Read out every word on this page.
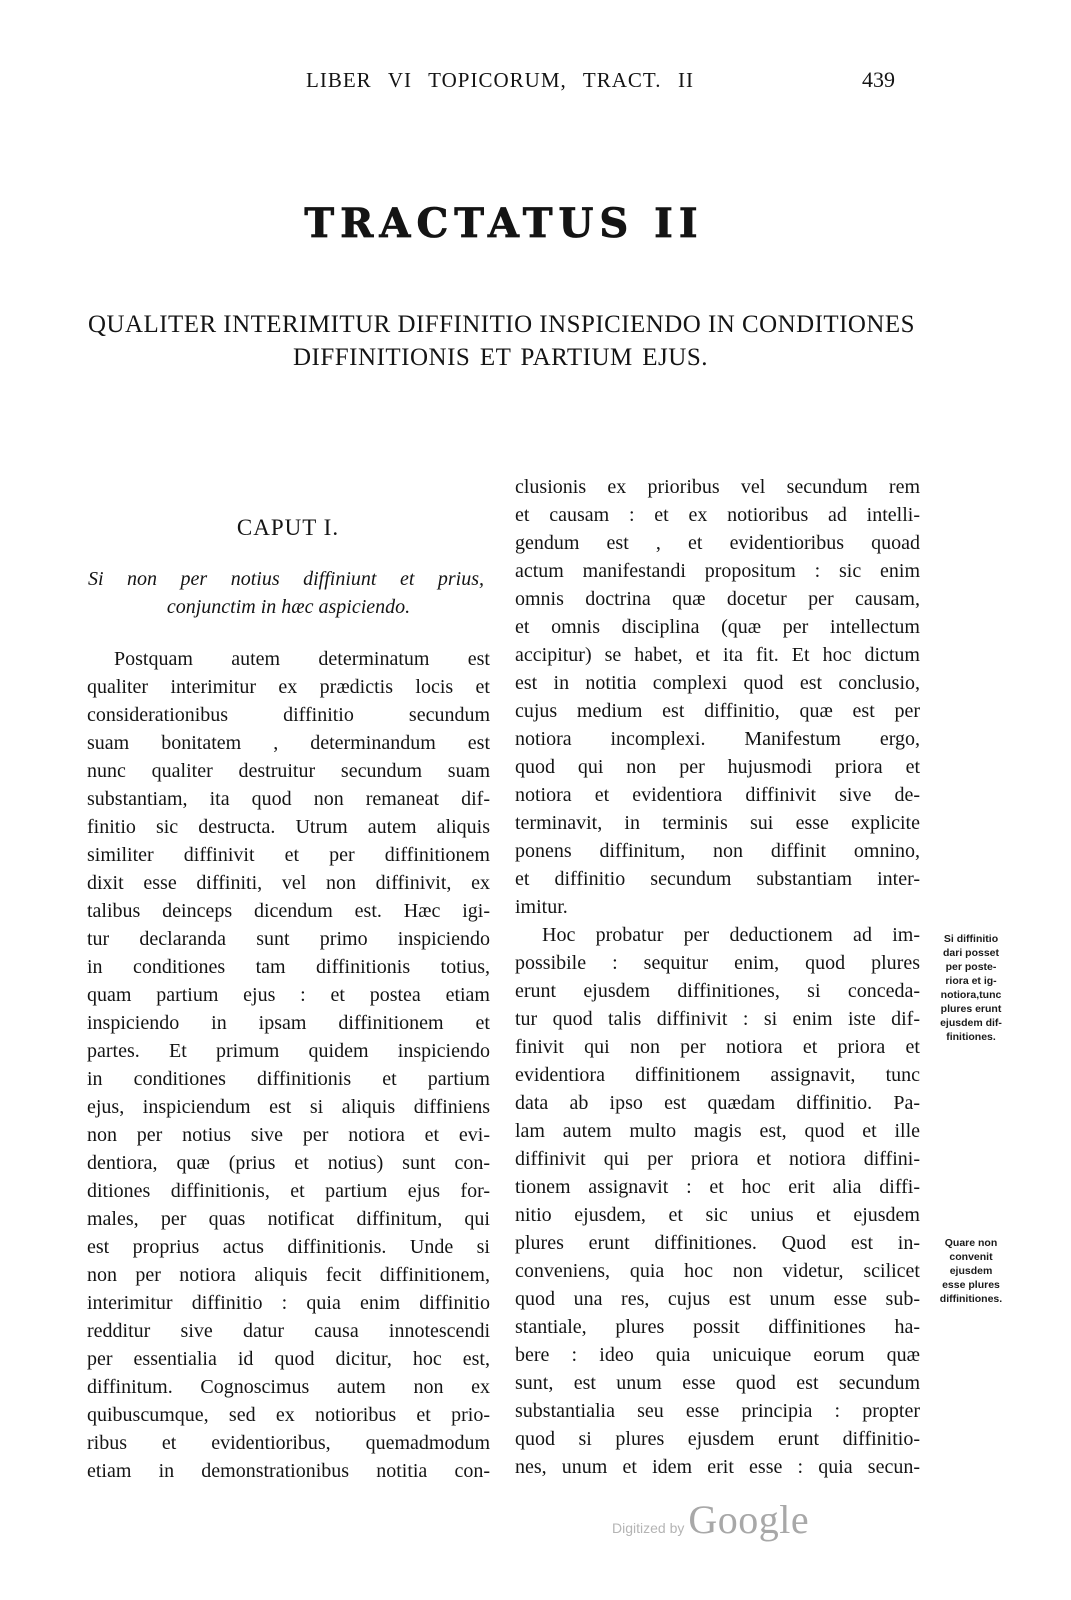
LIBER VI TOPICORUM, TRACT. II	439
TRACTATUS II
QUALITER INTERIMITUR DIFFINITIO INSPICIENDO IN CONDITIONES
DIFFINITIONIS ET PARTIUM EJUS.
CAPUT I.
Si non per notius diffiniunt et prius,
conjunctim in hæc aspiciendo.
Postquam autem determinatum est
qualiter interimitur ex prædictis locis et
considerationibus diffinitio secundum
suam bonitatem , determinandum est
nunc qualiter destruitur secundum suam
substantiam, ita quod non remaneat dif-
finitio sic destructa. Utrum autem aliquis
similiter diffinivit et per diffinitionem
dixit esse diffiniti, vel non diffinivit, ex
talibus deinceps dicendum est. Hæc igi-
tur declaranda sunt primo inspiciendo
in conditiones tam diffinitionis totius,
quam partium ejus : et postea etiam
inspiciendo in ipsam diffinitionem et
partes. Et primum quidem inspiciendo
in conditiones diffinitionis et partium
ejus, inspiciendum est si aliquis diffiniens
non per notius sive per notiora et evi-
dentiora, quæ (prius et notius) sunt con-
ditiones diffinitionis, et partium ejus for-
males, per quas notificat diffinitum, qui
est proprius actus diffinitionis. Unde si
non per notiora aliquis fecit diffinitionem,
interimitur diffinitio : quia enim diffinitio
redditur sive datur causa innotescendi
per essentialia id quod dicitur, hoc est,
diffinitum. Cognoscimus autem non ex
quibuscumque, sed ex notioribus et prio-
ribus et evidentioribus, quemadmodum
etiam in demonstrationibus notitia con-
clusionis ex prioribus vel secundum rem
et causam : et ex notioribus ad intelli-
gendum est , et evidentioribus quoad
actum manifestandi propositum : sic enim
omnis doctrina quæ docetur per causam,
et omnis disciplina (quæ per intellectum
accipitur) se habet, et ita fit. Et hoc dictum
est in notitia complexi quod est conclusio,
cujus medium est diffinitio, quæ est per
notiora incomplexi. Manifestum ergo,
quod qui non per hujusmodi priora et
notiora et evidentiora diffinivit sive de-
terminavit, in terminis sui esse explicite
ponens diffinitum, non diffinit omnino,
et diffinitio secundum substantiam inter-
imitur.
Hoc probatur per deductionem ad im-
possibile : sequitur enim, quod plures
erunt ejusdem diffinitiones, si conceda-
tur quod talis diffinivit : si enim iste dif-
finivit qui non per notiora et priora et
evidentiora diffinitionem assignavit, tunc
data ab ipso est quædam diffinitio. Pa-
lam autem multo magis est, quod et ille
diffinivit qui per priora et notiora diffini-
tionem assignavit : et hoc erit alia diffi-
nitio ejusdem, et sic unius et ejusdem
plures erunt diffinitiones. Quod est in-
conveniens, quia hoc non videtur, scilicet
quod una res, cujus est unum esse sub-
stantiale, plures possit diffinitiones ha-
bere : ideo quia unicuique eorum quæ
sunt, est unum esse quod est secundum
substantialia seu esse principia : propter
quod si plures ejusdem erunt diffinitio-
nes, unum et idem erit esse : quia secun-
Si diffinitio
dari posset
per poste-
riora et ig-
notiora,tunc
plures erunt
ejusdem dif-
finitiones.
Quare non
convenit
ejusdem
esse plures
diffinitiones.
Digitized by Google
